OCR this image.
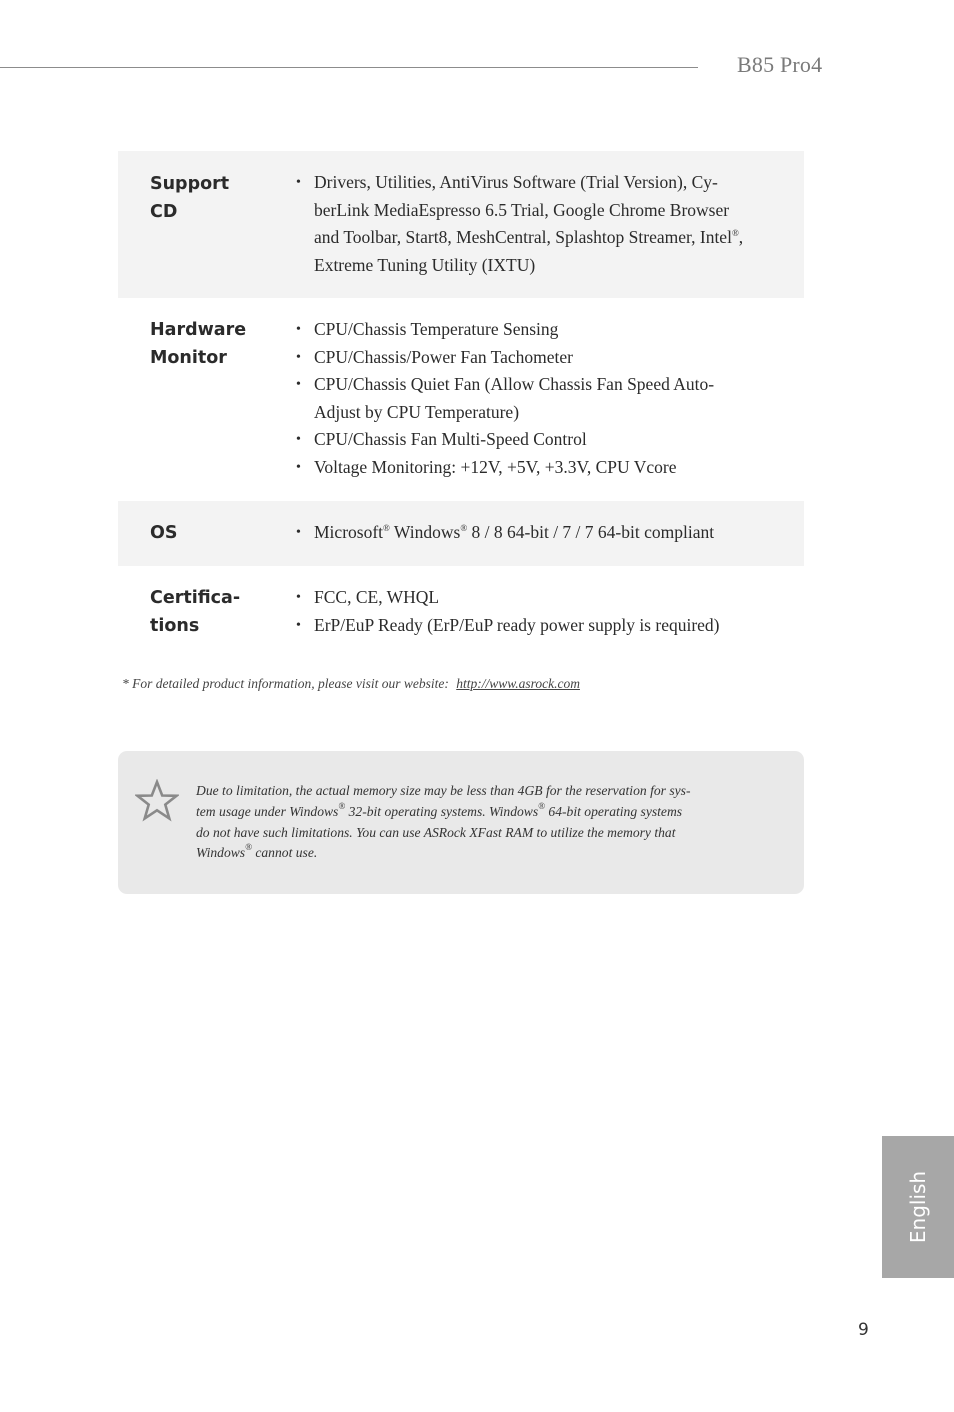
B85 Pro4
Support
CD
• Drivers, Utilities, AntiVirus Software (Trial Version), Cy-
berLink MediaEspresso 6.5 Trial, Google Chrome Browser
and Toolbar, Start8, MeshCentral, Splashtop Streamer, Intel®,
Extreme Tuning Utility (IXTU)
Hardware
Monitor
• CPU/Chassis Temperature Sensing
• CPU/Chassis/Power Fan Tachometer
• CPU/Chassis Quiet Fan (Allow Chassis Fan Speed Auto-
Adjust by CPU Temperature)
• CPU/Chassis Fan Multi-Speed Control
• Voltage Monitoring: +12V, +5V, +3.3V, CPU Vcore
OS	• Microsoft® Windows® 8 / 8 64-bit / 7 / 7 64-bit compliant
Certifica-
tions
• FCC, CE, WHQL
• ErP/EuP Ready (ErP/EuP ready power supply is required)
* For detailed product information, please visit our website: http://www.asrock.com
Due to limitation, the actual memory size may be less than 4GB for the reservation for sys-
tem usage under Windows® 32-bit operating systems. Windows® 64-bit operating systems
do not have such limitations. You can use ASRock XFast RAM to utilize the memory that
Windows® cannot use.
English
9
